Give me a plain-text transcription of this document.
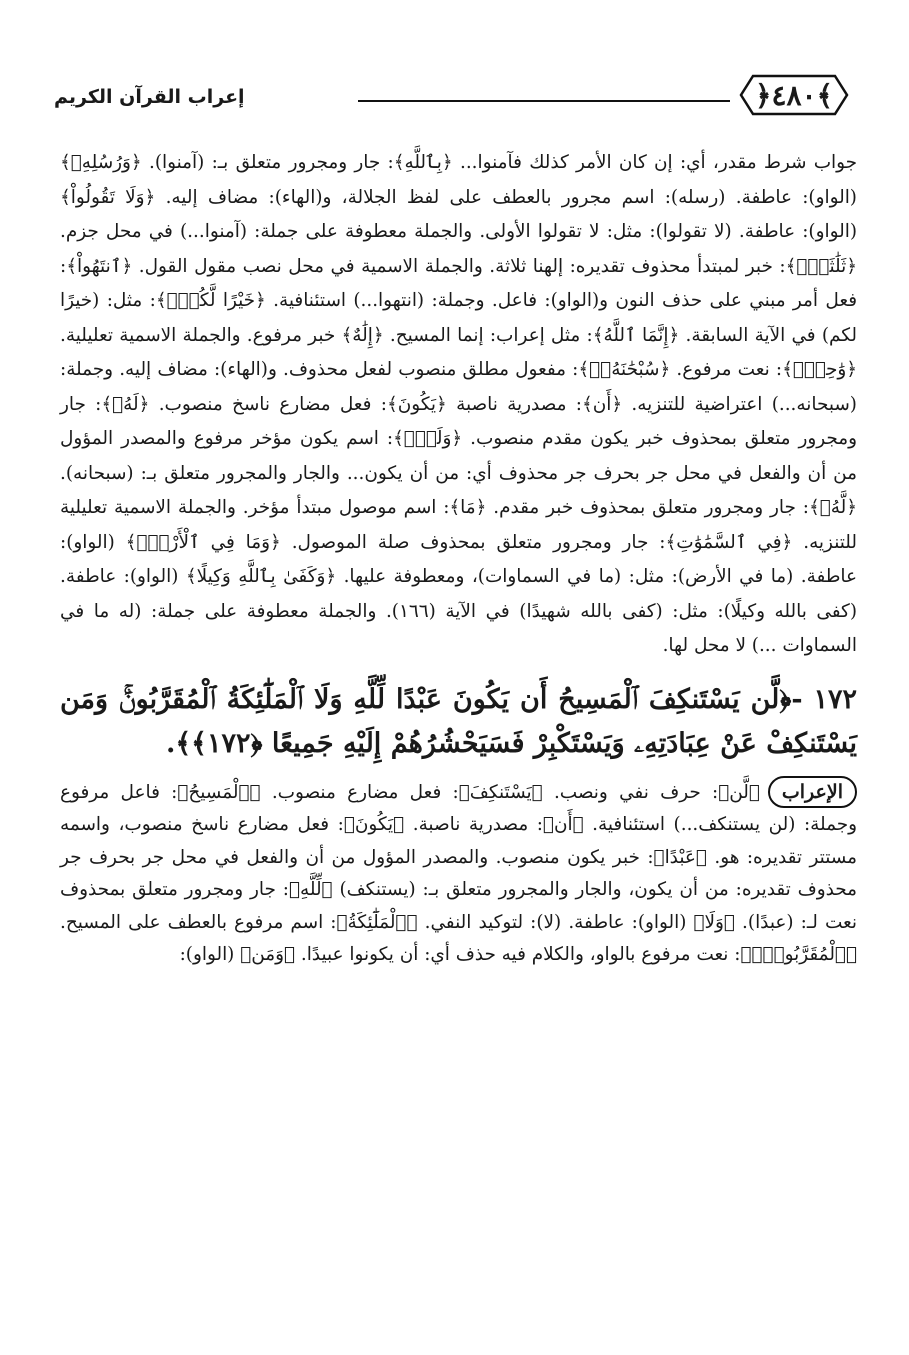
إعراب القرآن الكريم	﴿٤٨٠﴾

جواب شرط مقدر، أي: إن كان الأمر كذلك فآمنوا... ﴿بِٱللَّهِ﴾: جار ومجرور متعلق بـ: (آمنوا). ﴿وَرُسُلِهِۦ﴾ (الواو): عاطفة. (رسله): اسم مجرور بالعطف على لفظ الجلالة، و(الهاء): مضاف إليه. ﴿وَلَا تَقُولُواْ﴾ (الواو): عاطفة. (لا تقولوا): مثل: لا تقولوا الأولى. والجملة معطوفة على جملة: (آمنوا...) في محل جزم. ﴿ثَلَٰثَةٌۚ﴾: خبر لمبتدأ محذوف تقديره: إلهنا ثلاثة. والجملة الاسمية في محل نصب مقول القول. ﴿ٱنتَهُواْ﴾: فعل أمر مبني على حذف النون و(الواو): فاعل. وجملة: (انتهوا...) استئنافية. ﴿خَيْرًا لَّكُمْۚ﴾: مثل: (خيرًا لكم) في الآية السابقة. ﴿إِنَّمَا ٱللَّهُ﴾: مثل إعراب: إنما المسيح. ﴿إِلَٰهٌ﴾ خبر مرفوع. والجملة الاسمية تعليلية. ﴿وَٰحِدٌۖ﴾: نعت مرفوع. ﴿سُبْحَٰنَهُۥٓ﴾: مفعول مطلق منصوب لفعل محذوف. و(الهاء): مضاف إليه. وجملة: (سبحانه...) اعتراضية للتنزيه. ﴿أَن﴾: مصدرية ناصبة ﴿يَكُونَ﴾: فعل مضارع ناسخ منصوب. ﴿لَهُۥ﴾: جار ومجرور متعلق بمحذوف خبر يكون مقدم منصوب. ﴿وَلَدٌۘ﴾: اسم يكون مؤخر مرفوع والمصدر المؤول من أن والفعل في محل جر بحرف جر محذوف أي: من أن يكون... والجار والمجرور متعلق بـ: (سبحانه). ﴿لَّهُۥ﴾: جار ومجرور متعلق بمحذوف خبر مقدم. ﴿مَا﴾: اسم موصول مبتدأ مؤخر. والجملة الاسمية تعليلية للتنزيه. ﴿فِي ٱلسَّمَٰوَٰتِ﴾: جار ومجرور متعلق بمحذوف صلة الموصول. ﴿وَمَا فِي ٱلْأَرْضِۗ﴾ (الواو): عاطفة. (ما في الأرض): مثل: (ما في السماوات)، ومعطوفة عليها. ﴿وَكَفَىٰ بِٱللَّهِ وَكِيلًا﴾ (الواو): عاطفة. (كفى بالله وكيلًا): مثل: (كفى بالله شهيدًا) في الآية (١٦٦). والجملة معطوفة على جملة: (له ما في السماوات ...) لا محل لها.

١٧٢ -﴿لَّن يَسْتَنكِفَ ٱلْمَسِيحُ أَن يَكُونَ عَبْدًا لِّلَّهِ وَلَا ٱلْمَلَٰٓئِكَةُ ٱلْمُقَرَّبُونَۚ وَمَن يَسْتَنكِفْ عَنْ عِبَادَتِهِۦ وَيَسْتَكْبِرْ فَسَيَحْشُرُهُمْ إِلَيْهِ جَمِيعًا ﴿١٧٢﴾﴾.

الإعراب﴿لَّن﴾: حرف نفي ونصب. ﴿يَسْتَنكِفَ﴾: فعل مضارع منصوب. ﴿ٱلْمَسِيحُ﴾: فاعل مرفوع وجملة: (لن يستنكف...) استئنافية. ﴿أَن﴾: مصدرية ناصبة. ﴿يَكُونَ﴾: فعل مضارع ناسخ منصوب، واسمه مستتر تقديره: هو. ﴿عَبْدًا﴾: خبر يكون منصوب. والمصدر المؤول من أن والفعل في محل جر بحرف جر محذوف تقديره: من أن يكون، والجار والمجرور متعلق بـ: (يستنكف) ﴿لِّلَّهِ﴾: جار ومجرور متعلق بمحذوف نعت لـ: (عبدًا). ﴿وَلَا﴾ (الواو): عاطفة. (لا): لتوكيد النفي. ﴿ٱلْمَلَٰٓئِكَةُ﴾: اسم مرفوع بالعطف على المسيح. ﴿ٱلْمُقَرَّبُونَۚ﴾: نعت مرفوع بالواو، والكلام فيه حذف أي: أن يكونوا عبيدًا. ﴿وَمَن﴾ (الواو):
